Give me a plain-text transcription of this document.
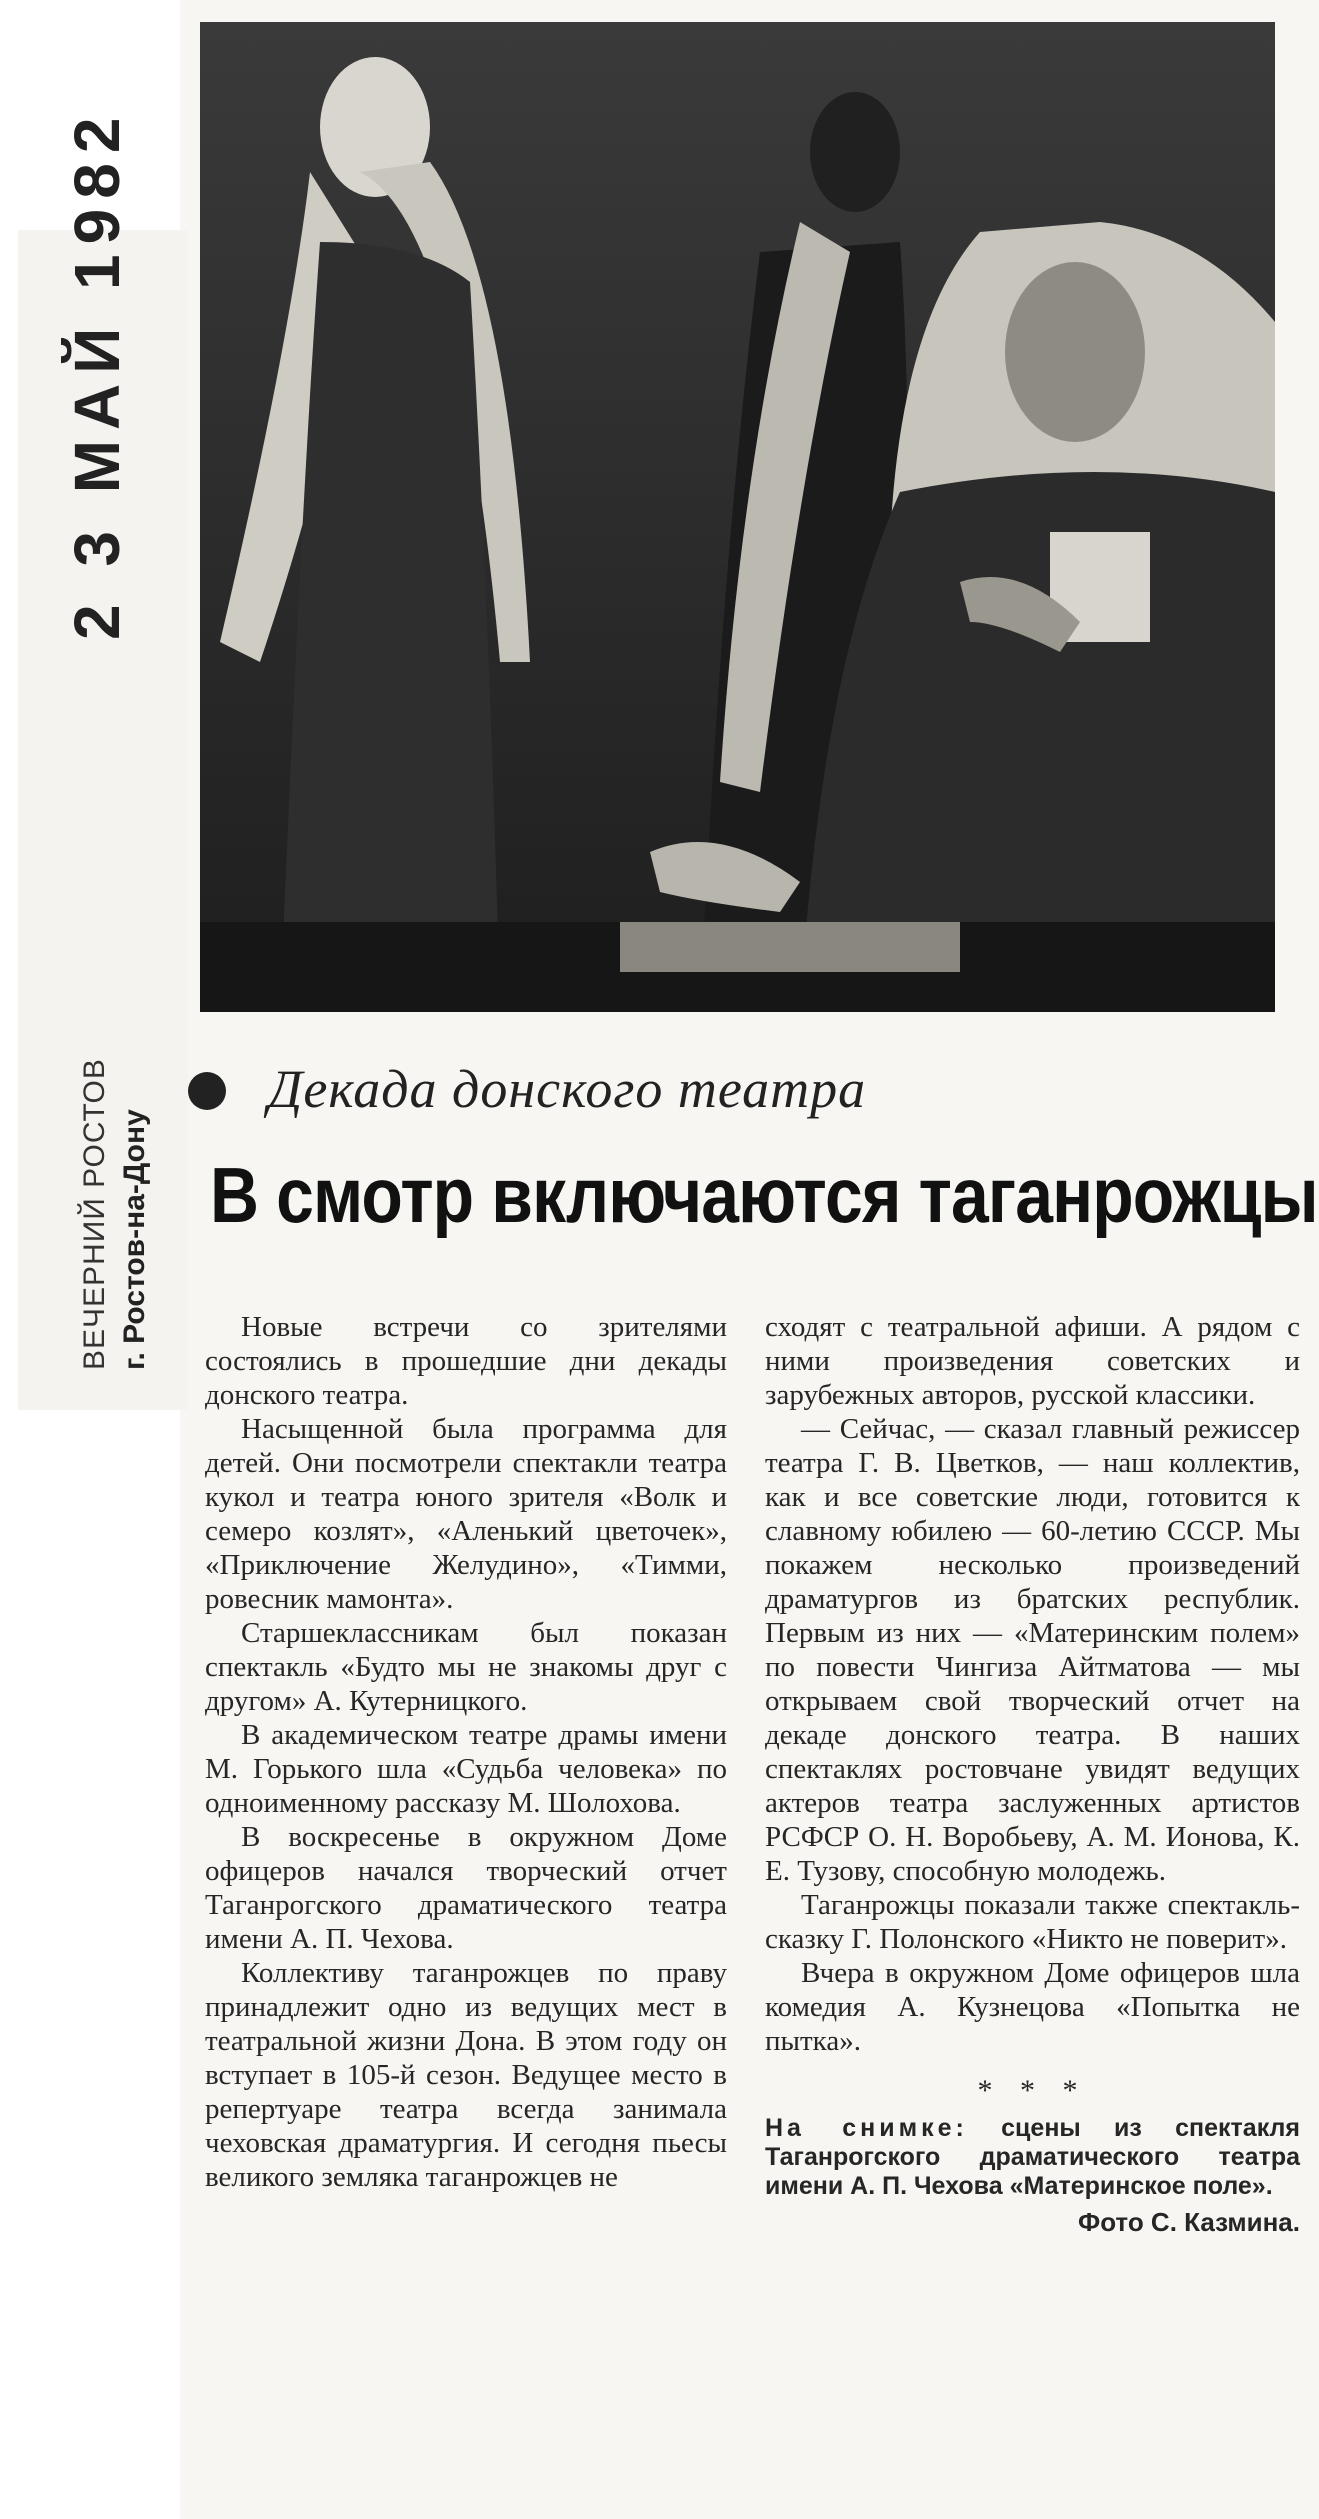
2 3 МАЙ 1982
ВЕЧЕРНИЙ РОСТОВ г. Ростов-на-Дону
Декада донского театра
В смотр включаются таганрожцы

Новые встречи со зрителями состоялись в прошедшие дни декады донского театра.

Насыщенной была программа для детей. Они посмотрели спектакли театра кукол и театра юного зрителя «Волк и семеро козлят», «Аленький цветочек», «Приключение Желудино», «Тимми, ровесник мамонта».

Старшеклассникам был показан спектакль «Будто мы не знакомы друг с другом» А. Кутерницкого.

В академическом театре драмы имени М. Горького шла «Судьба человека» по одноименному рассказу М. Шолохова.

В воскресенье в окружном Доме офицеров начался творческий отчет Таганрогского драматического театра имени А. П. Чехова.

Коллективу таганрожцев по праву принадлежит одно из ведущих мест в театральной жизни Дона. В этом году он вступает в 105-й сезон. Ведущее место в репертуаре театра всегда занимала чеховская драматургия. И сегодня пьесы великого земляка таганрожцев не

сходят с театральной афиши. А рядом с ними произведения советских и зарубежных авторов, русской классики.

— Сейчас, — сказал главный режиссер театра Г. В. Цветков, — наш коллектив, как и все советские люди, готовится к славному юбилею — 60-летию СССР. Мы покажем несколько произведений драматургов из братских республик. Первым из них — «Материнским полем» по повести Чингиза Айтматова — мы открываем свой творческий отчет на декаде донского театра. В наших спектаклях ростовчане увидят ведущих актеров театра заслуженных артистов РСФСР О. Н. Воробьеву, А. М. Ионова, К. Е. Тузову, способную молодежь.

Таганрожцы показали также спектакль-сказку Г. Полонского «Никто не поверит».

Вчера в окружном Доме офицеров шла комедия А. Кузнецова «Попытка не пытка».

* * *

На снимке: сцены из спектакля Таганрогского драматического театра имени А. П. Чехова «Материнское поле».

Фото С. Казмина.
